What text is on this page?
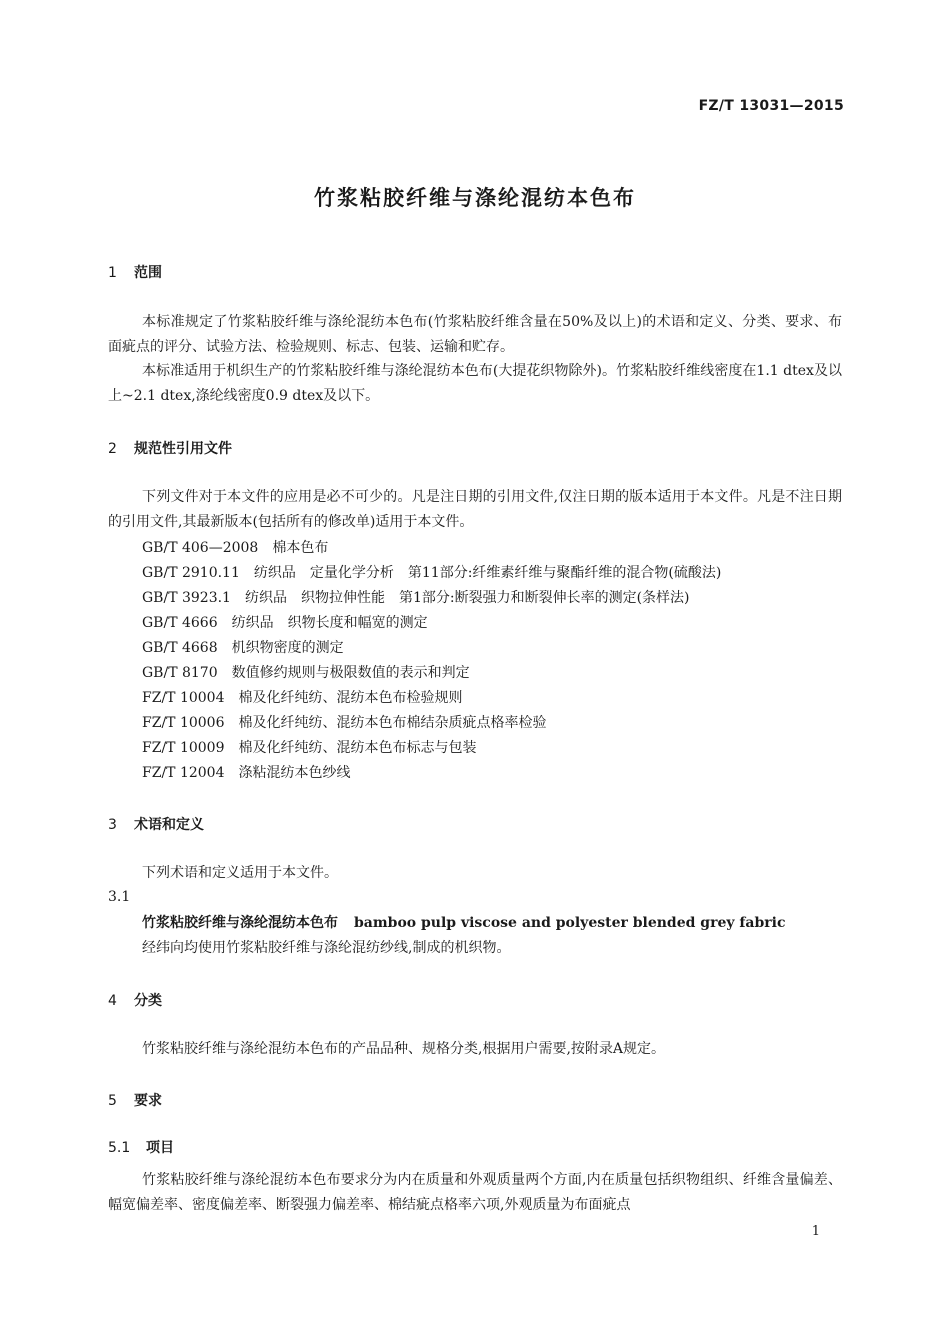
FZ/T 13031—2015
竹浆粘胶纤维与涤纶混纺本色布
1 范围
本标准规定了竹浆粘胶纤维与涤纶混纺本色布(竹浆粘胶纤维含量在50%及以上)的术语和定义、分类、要求、布面疵点的评分、试验方法、检验规则、标志、包装、运输和贮存。
本标准适用于机织生产的竹浆粘胶纤维与涤纶混纺本色布(大提花织物除外)。竹浆粘胶纤维线密度在1.1 dtex及以上~2.1 dtex,涤纶线密度0.9 dtex及以下。
2 规范性引用文件
下列文件对于本文件的应用是必不可少的。凡是注日期的引用文件,仅注日期的版本适用于本文件。凡是不注日期的引用文件,其最新版本(包括所有的修改单)适用于本文件。
GB/T 406—2008 棉本色布
GB/T 2910.11 纺织品　定量化学分析　第11部分:纤维素纤维与聚酯纤维的混合物(硫酸法)
GB/T 3923.1 纺织品　织物拉伸性能　第1部分:断裂强力和断裂伸长率的测定(条样法)
GB/T 4666 纺织品　织物长度和幅宽的测定
GB/T 4668 机织物密度的测定
GB/T 8170 数值修约规则与极限数值的表示和判定
FZ/T 10004 棉及化纤纯纺、混纺本色布检验规则
FZ/T 10006 棉及化纤纯纺、混纺本色布棉结杂质疵点格率检验
FZ/T 10009 棉及化纤纯纺、混纺本色布标志与包装
FZ/T 12004 涤粘混纺本色纱线
3 术语和定义
下列术语和定义适用于本文件。
3.1
竹浆粘胶纤维与涤纶混纺本色布 bamboo pulp viscose and polyester blended grey fabric
经纬向均使用竹浆粘胶纤维与涤纶混纺纱线,制成的机织物。
4 分类
竹浆粘胶纤维与涤纶混纺本色布的产品品种、规格分类,根据用户需要,按附录A规定。
5 要求
5.1 项目
竹浆粘胶纤维与涤纶混纺本色布要求分为内在质量和外观质量两个方面,内在质量包括织物组织、纤维含量偏差、幅宽偏差率、密度偏差率、断裂强力偏差率、棉结疵点格率六项,外观质量为布面疵点
1
